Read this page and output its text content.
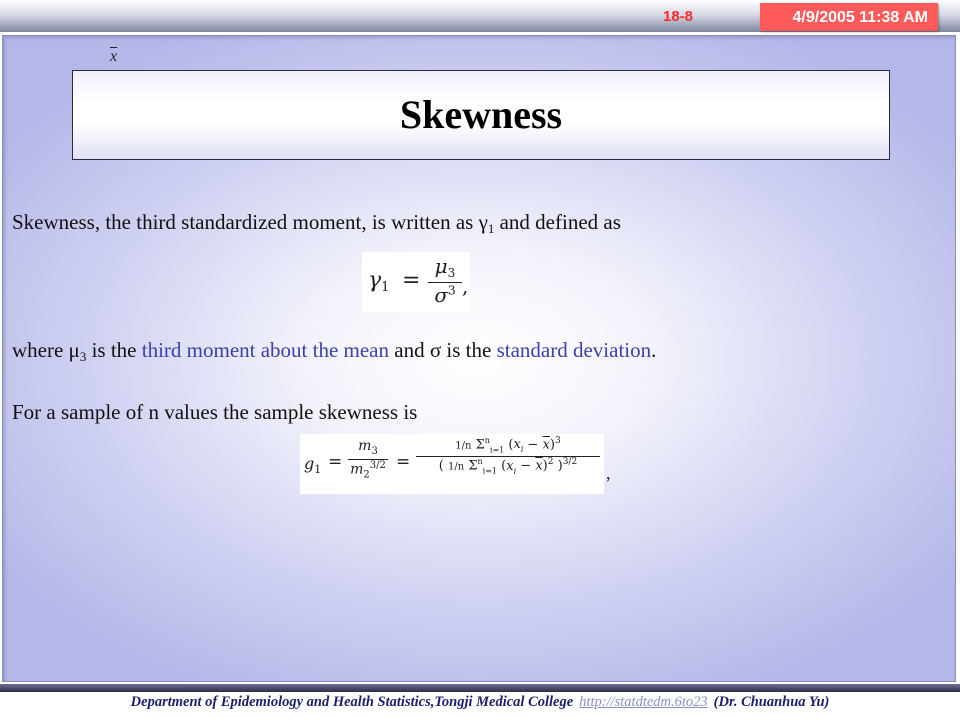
18-8	4/9/2005 11:38 AM
$\overline{x}$
Skewness
Skewness, the third standardized moment, is written as $\gamma_1$ and defined as
$\gamma_1 = \frac{\mu_3}{\sigma^3}$ ,
where $\mu_3$ is the third moment about the mean and σ is the standard deviation.
For a sample of n values the sample skewness is
$g_1 = \frac{m_3}{m_2^{3/2}}$ =
1/n $\Sigma^n_{i=1}$ $(x_i - \overline{x})^3$
( 1/n $\Sigma^n_{i=1}$ $(x_i - \overline{x})^2$ )$^{3/2}$
,
Department of Epidemiology and Health Statistics,Tongji Medical College http://statdtedm.6to23 (Dr. Chuanhua Yu)
